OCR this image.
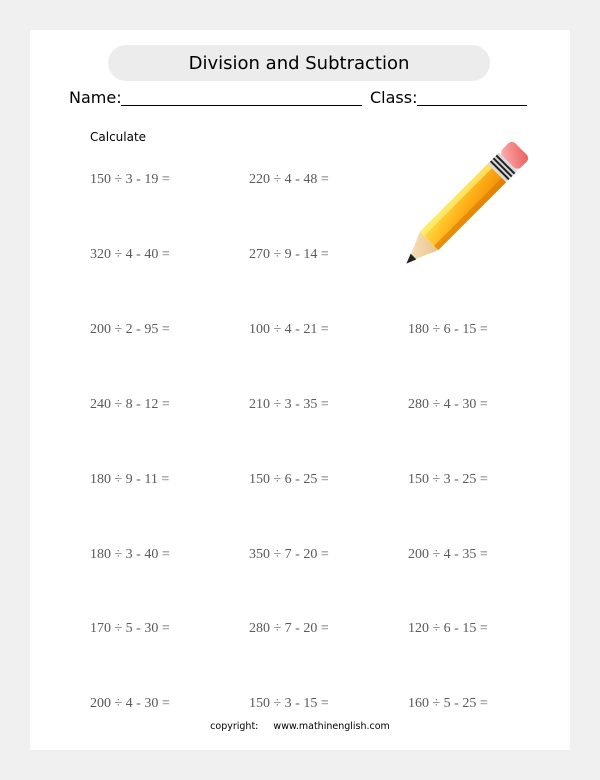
Division and Subtraction
Name:	Class:
Calculate
150 ÷ 3 - 19 =	220 ÷ 4 - 48 =
320 ÷ 4 - 40 =	270 ÷ 9 - 14 =
200 ÷ 2 - 95 =	100 ÷ 4 - 21 =	180 ÷ 6 - 15 =
240 ÷ 8 - 12 =	210 ÷ 3 - 35 =	280 ÷ 4 - 30 =
180 ÷ 9 - 11 =	150 ÷ 6 - 25 =	150 ÷ 3 - 25 =
180 ÷ 3 - 40 =	350 ÷ 7 - 20 =	200 ÷ 4 - 35 =
170 ÷ 5 - 30 =	280 ÷ 7 - 20 =	120 ÷ 6 - 15 =
200 ÷ 4 - 30 =	150 ÷ 3 - 15 =	160 ÷ 5 - 25 =
copyright: www.mathinenglish.com
